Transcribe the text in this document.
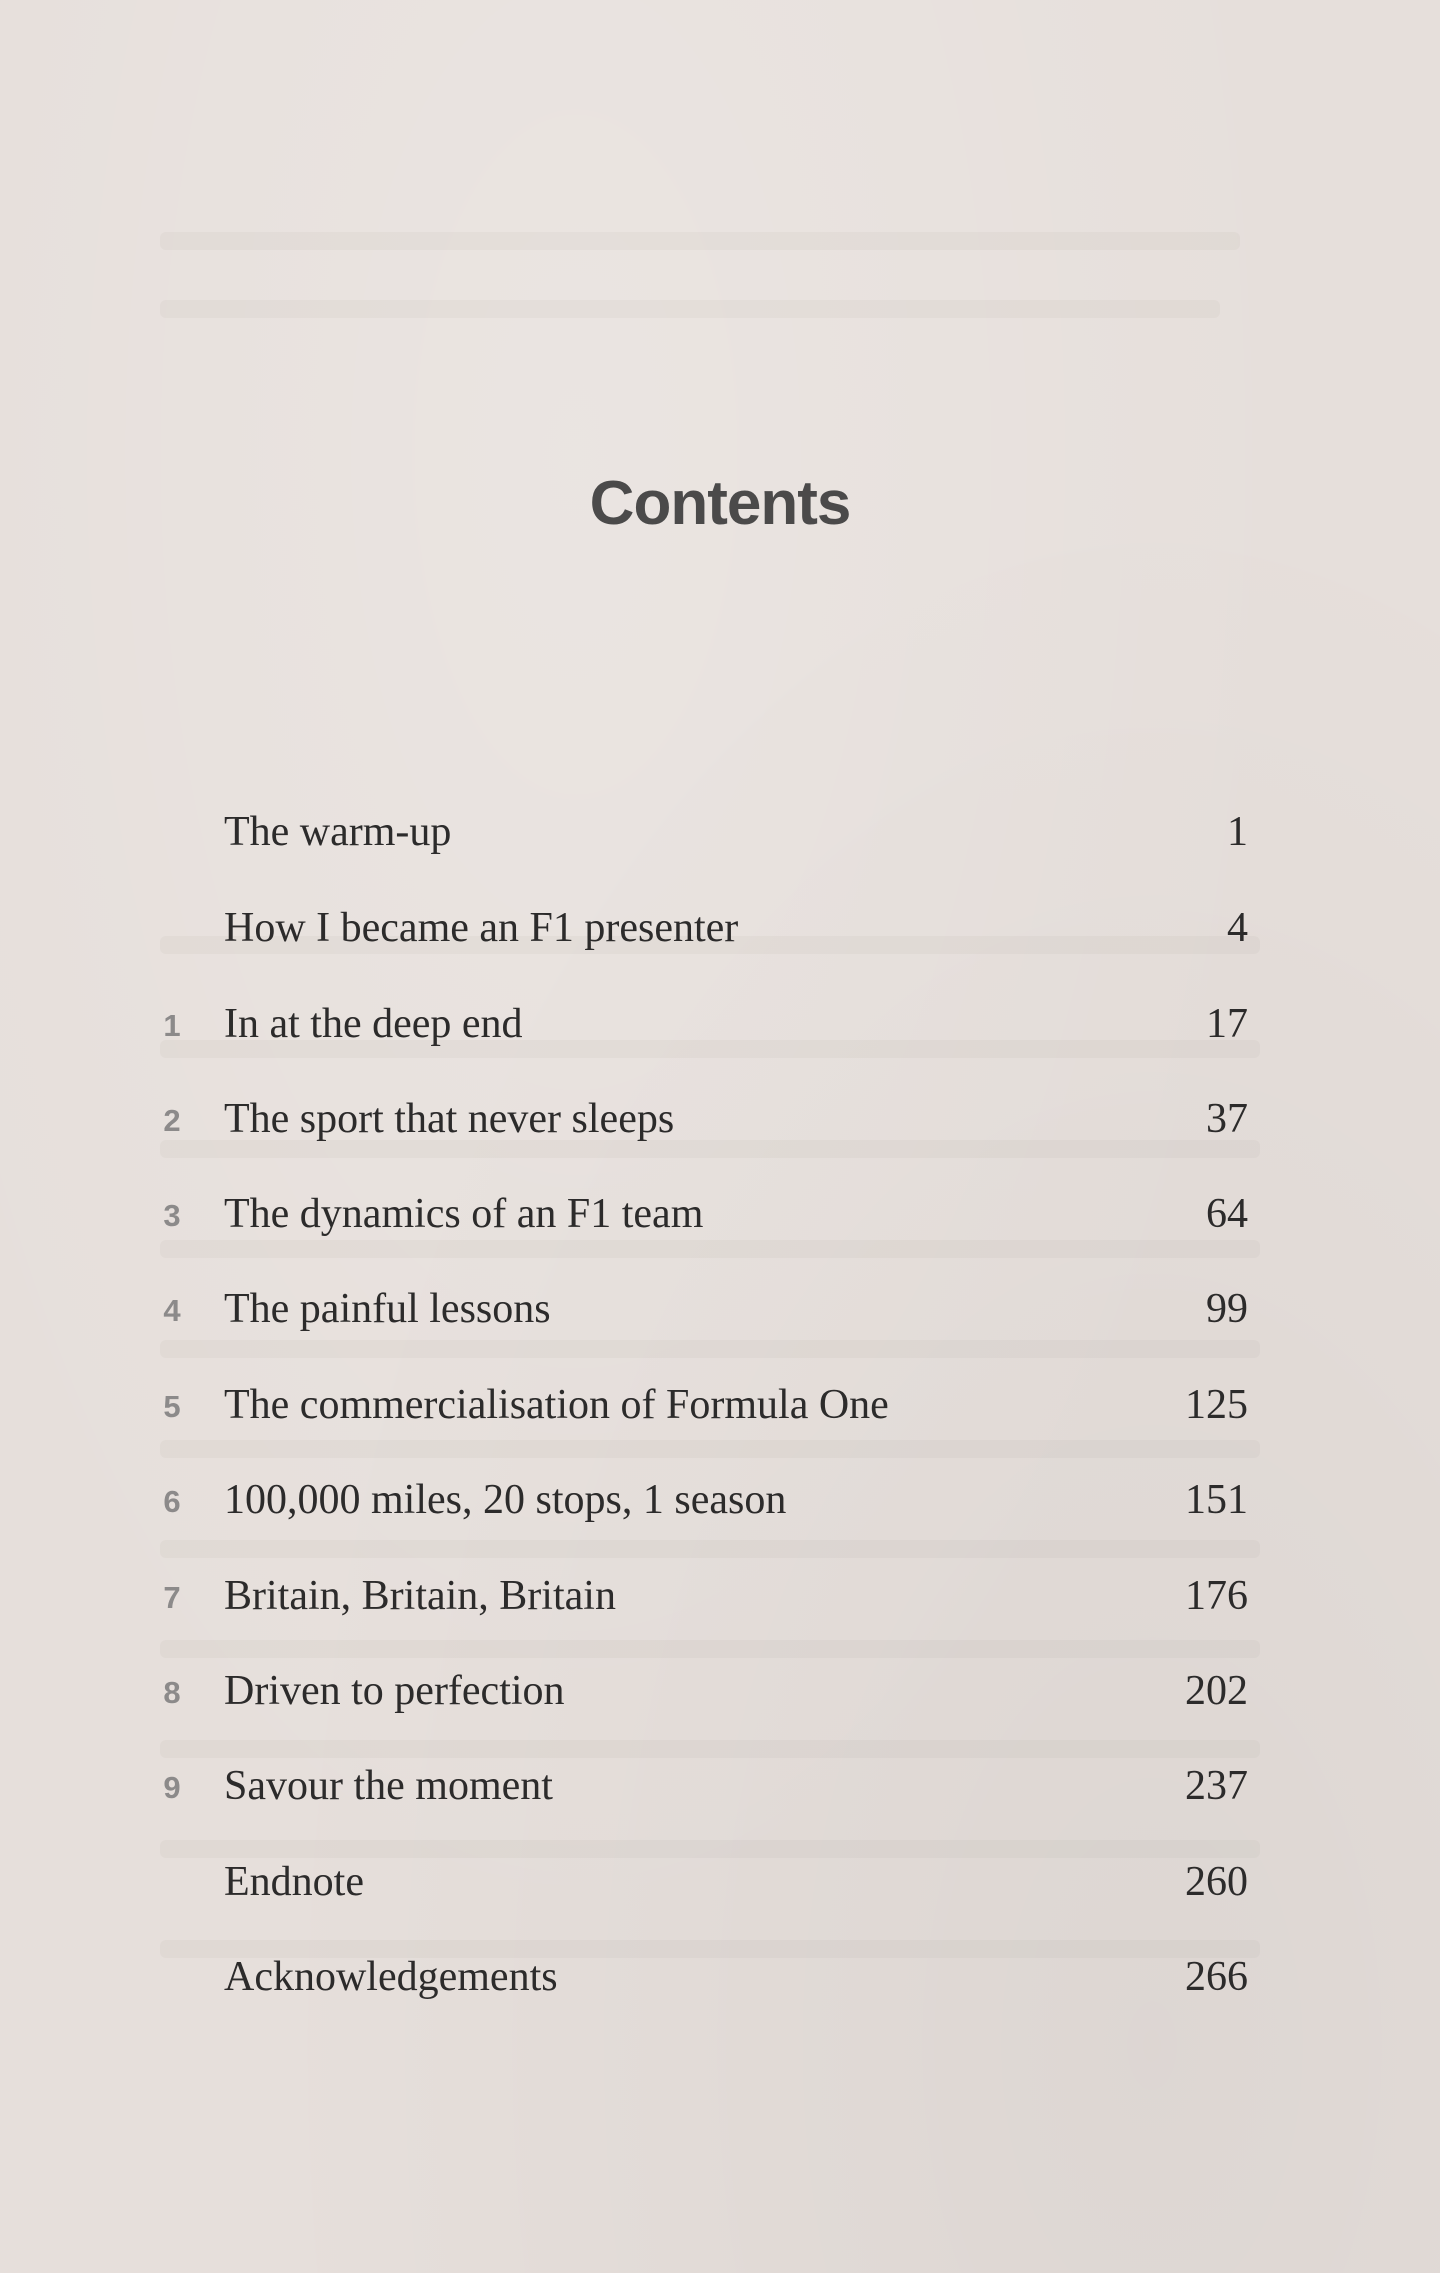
Contents
The warm-up	1
How I became an F1 presenter	4
1	In at the deep end	17
2	The sport that never sleeps	37
3	The dynamics of an F1 team	64
4	The painful lessons	99
5	The commercialisation of Formula One	125
6	100,000 miles, 20 stops, 1 season	151
7	Britain, Britain, Britain	176
8	Driven to perfection	202
9	Savour the moment	237
Endnote	260
Acknowledgements	266
